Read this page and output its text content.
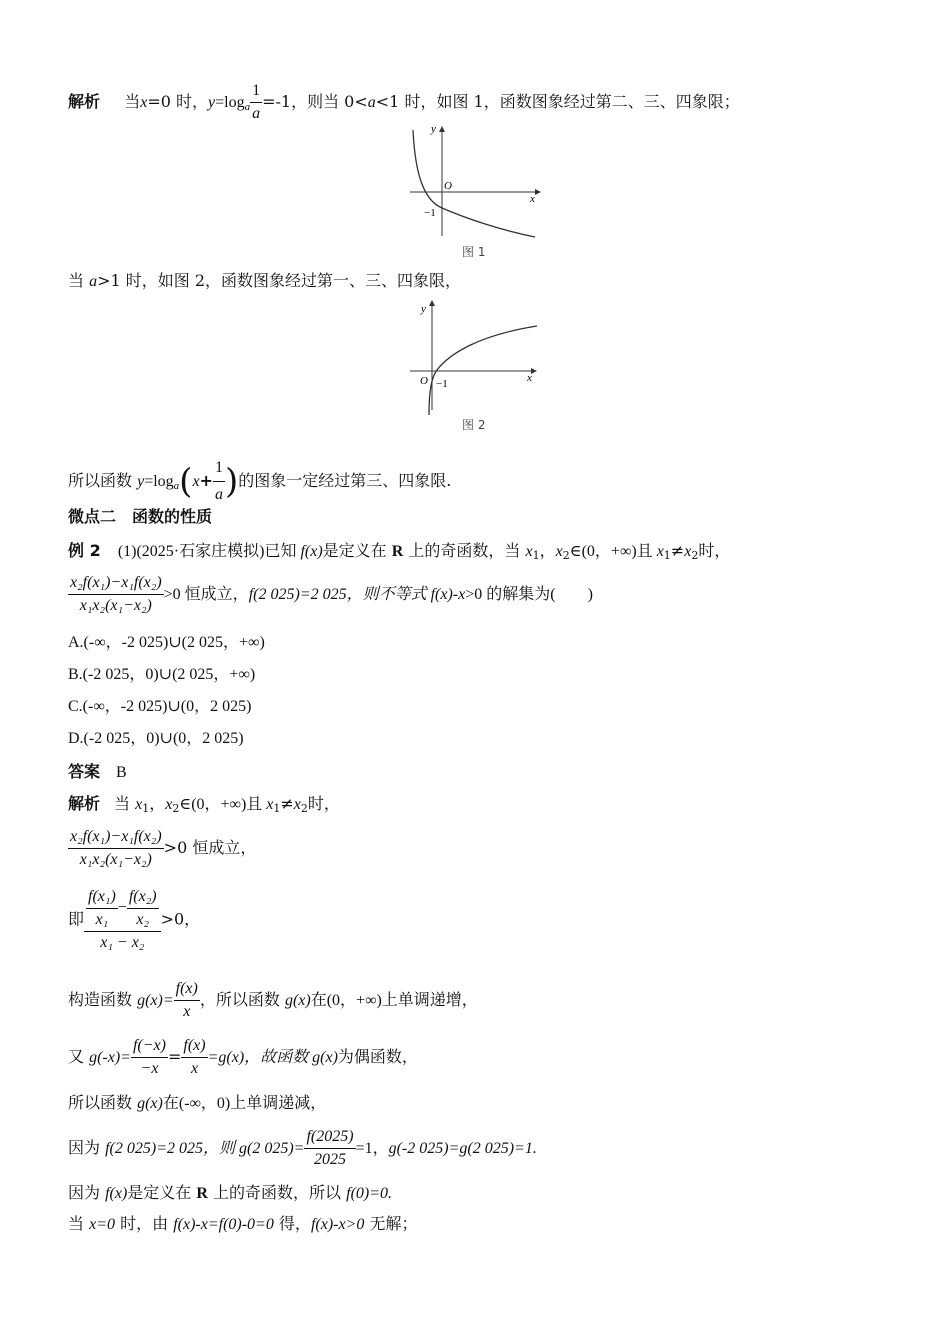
解析 当x=0 时，$y=\log_a \frac{1}{a} =-1$，则当 0<a<1 时，如图 1，函数图象经过第二、三、四象限；
y
x
O
−1
图 1
当 a>1 时，如图 2，函数图象经过第一、三、四象限，
y
x
O −1
图 2
所以函数 $y=\log_a(x+ \frac{1}{a}$ )的图象一定经过第三、四象限.
微点二　函数的性质
例 2 (1)(2025·石家庄模拟)已知 f(x)是定义在 R 上的奇函数，当 $x_1$，$x_2\in(0$，+∞)且 $x_1\ne x_2$时，
$\frac{\text{x₂f(x₁)−x₁f(x₂)}}{\text{x₁x₂(x₁−x₂)}} >0$ 恒成立，f(2 025)=2 025，则不等式 f(x)-x>0 的解集为(　　)
A.(-∞，-2 025)∪(2 025，+∞)
B.(-2 025，0)∪(2 025，+∞)
C.(-∞，-2 025)∪(0，2 025)
D.(-2 025，0)∪(0，2 025)
答案 B
解析 当 $x_1$，$x_2\in(0$，+∞)且 $x_1\ne x_2$时，
$\frac{\text{x₂f(x₁)−x₁f(x₂)}}{\text{x₁x₂(x₁−x₂)}} >0$ 恒成立，
即 $\frac{\frac{\text{f(x₁)}}{\text{x₁}} - \frac{\text{f(x₂)}}{\text{x₂}}}{\text{x₁ − x₂}} >0$，
构造函数 $g(x)= \frac{f(x)}{x}$ ，所以函数 g(x)在(0，+∞)上单调递增，
又 $g(-x)= \frac{f(-x)}{-x} = \frac{f(x)}{x} =g(x)$，故函数 g(x)为偶函数，
所以函数 g(x)在(-∞，0)上单调递减，
因为 f(2 025)=2 025，则 g(2 $025)= \frac{f(2025)}{2025} =1$，g(-2 025)=g(2 025)=1.
因为 f(x)是定义在 R 上的奇函数，所以 f(0)=0.
当 x=0 时，由 f(x)-x=f(0)-0=0 得，f(x)-x>0 无解；
